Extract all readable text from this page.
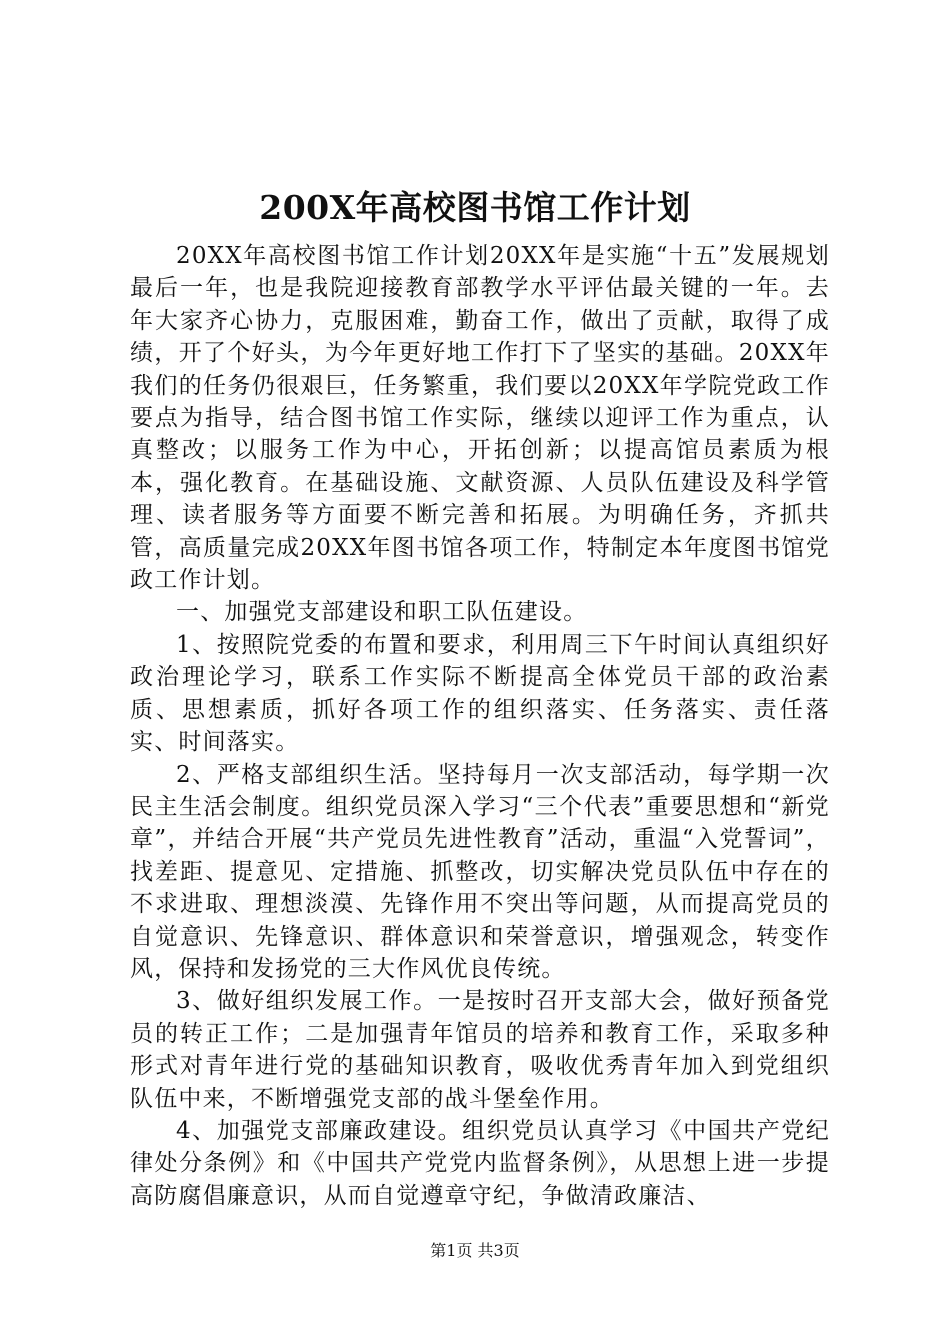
200X年高校图书馆工作计划

20XX年高校图书馆工作计划20XX年是实施“十五”发展规划最后一年，也是我院迎接教育部教学水平评估最关键的一年。去年大家齐心协力，克服困难，勤奋工作，做出了贡献，取得了成绩，开了个好头，为今年更好地工作打下了坚实的基础。20XX年我们的任务仍很艰巨，任务繁重，我们要以20XX年学院党政工作要点为指导，结合图书馆工作实际，继续以迎评工作为重点，认真整改；以服务工作为中心，开拓创新；以提高馆员素质为根本，强化教育。在基础设施、文献资源、人员队伍建设及科学管理、读者服务等方面要不断完善和拓展。为明确任务，齐抓共管，高质量完成20XX年图书馆各项工作，特制定本年度图书馆党政工作计划。

一、加强党支部建设和职工队伍建设。

1、按照院党委的布置和要求，利用周三下午时间认真组织好政治理论学习，联系工作实际不断提高全体党员干部的政治素质、思想素质，抓好各项工作的组织落实、任务落实、责任落实、时间落实。

2、严格支部组织生活。坚持每月一次支部活动，每学期一次民主生活会制度。组织党员深入学习“三个代表”重要思想和“新党章”，并结合开展“共产党员先进性教育”活动，重温“入党誓词”，找差距、提意见、定措施、抓整改，切实解决党员队伍中存在的不求进取、理想淡漠、先锋作用不突出等问题，从而提高党员的自觉意识、先锋意识、群体意识和荣誉意识，增强观念，转变作风，保持和发扬党的三大作风优良传统。

3、做好组织发展工作。一是按时召开支部大会，做好预备党员的转正工作；二是加强青年馆员的培养和教育工作，采取多种形式对青年进行党的基础知识教育，吸收优秀青年加入到党组织队伍中来，不断增强党支部的战斗堡垒作用。

4、加强党支部廉政建设。组织党员认真学习《中国共产党纪律处分条例》和《中国共产党党内监督条例》，从思想上进一步提高防腐倡廉意识，从而自觉遵章守纪，争做清政廉洁、

第1页 共3页
